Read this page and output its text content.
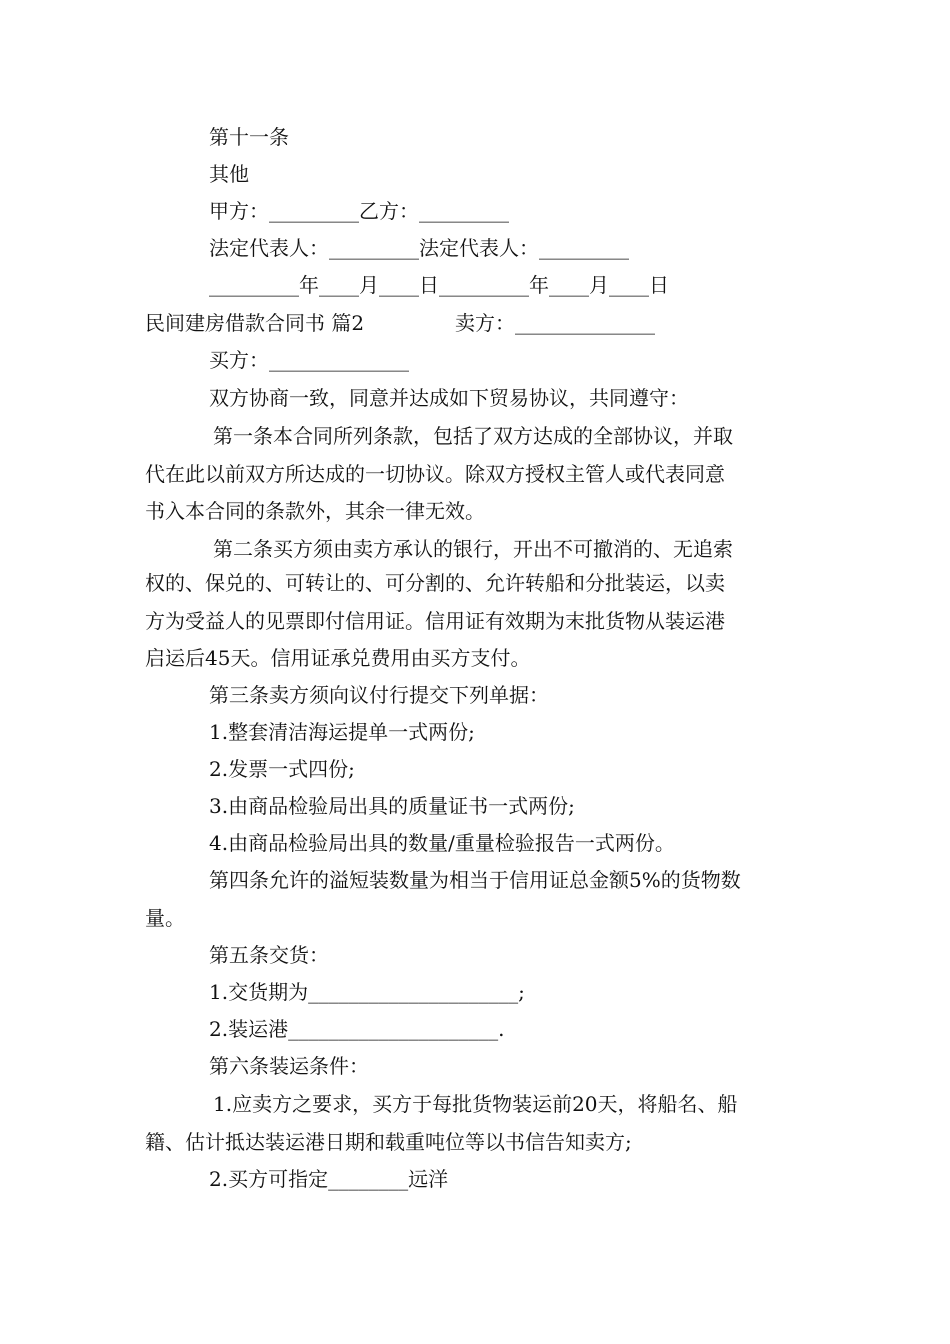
第十一条
其他
甲方：_________乙方：_________
法定代表人：_________法定代表人：_________
_________年____月____日_________年____月____日
民间建房借款合同书 篇2	卖方：______________
买方：______________
双方协商一致，同意并达成如下贸易协议，共同遵守：
第一条本合同所列条款，包括了双方达成的全部协议，并取
代在此以前双方所达成的一切协议。除双方授权主管人或代表同意
书入本合同的条款外，其余一律无效。
第二条买方须由卖方承认的银行，开出不可撤消的、无追索
权的、保兑的、可转让的、可分割的、允许转船和分批装运，以卖
方为受益人的见票即付信用证。信用证有效期为末批货物从装运港
启运后45天。信用证承兑费用由买方支付。
第三条卖方须向议付行提交下列单据：
1.整套清洁海运提单一式两份;
2.发票一式四份;
3.由商品检验局出具的质量证书一式两份;
4.由商品检验局出具的数量/重量检验报告一式两份。
第四条允许的溢短装数量为相当于信用证总金额5%的货物数
量。
第五条交货：
1.交货期为_____________________;
2.装运港_____________________.
第六条装运条件：
1.应卖方之要求，买方于每批货物装运前20天，将船名、船
籍、估计抵达装运港日期和载重吨位等以书信告知卖方;
2.买方可指定________远洋
